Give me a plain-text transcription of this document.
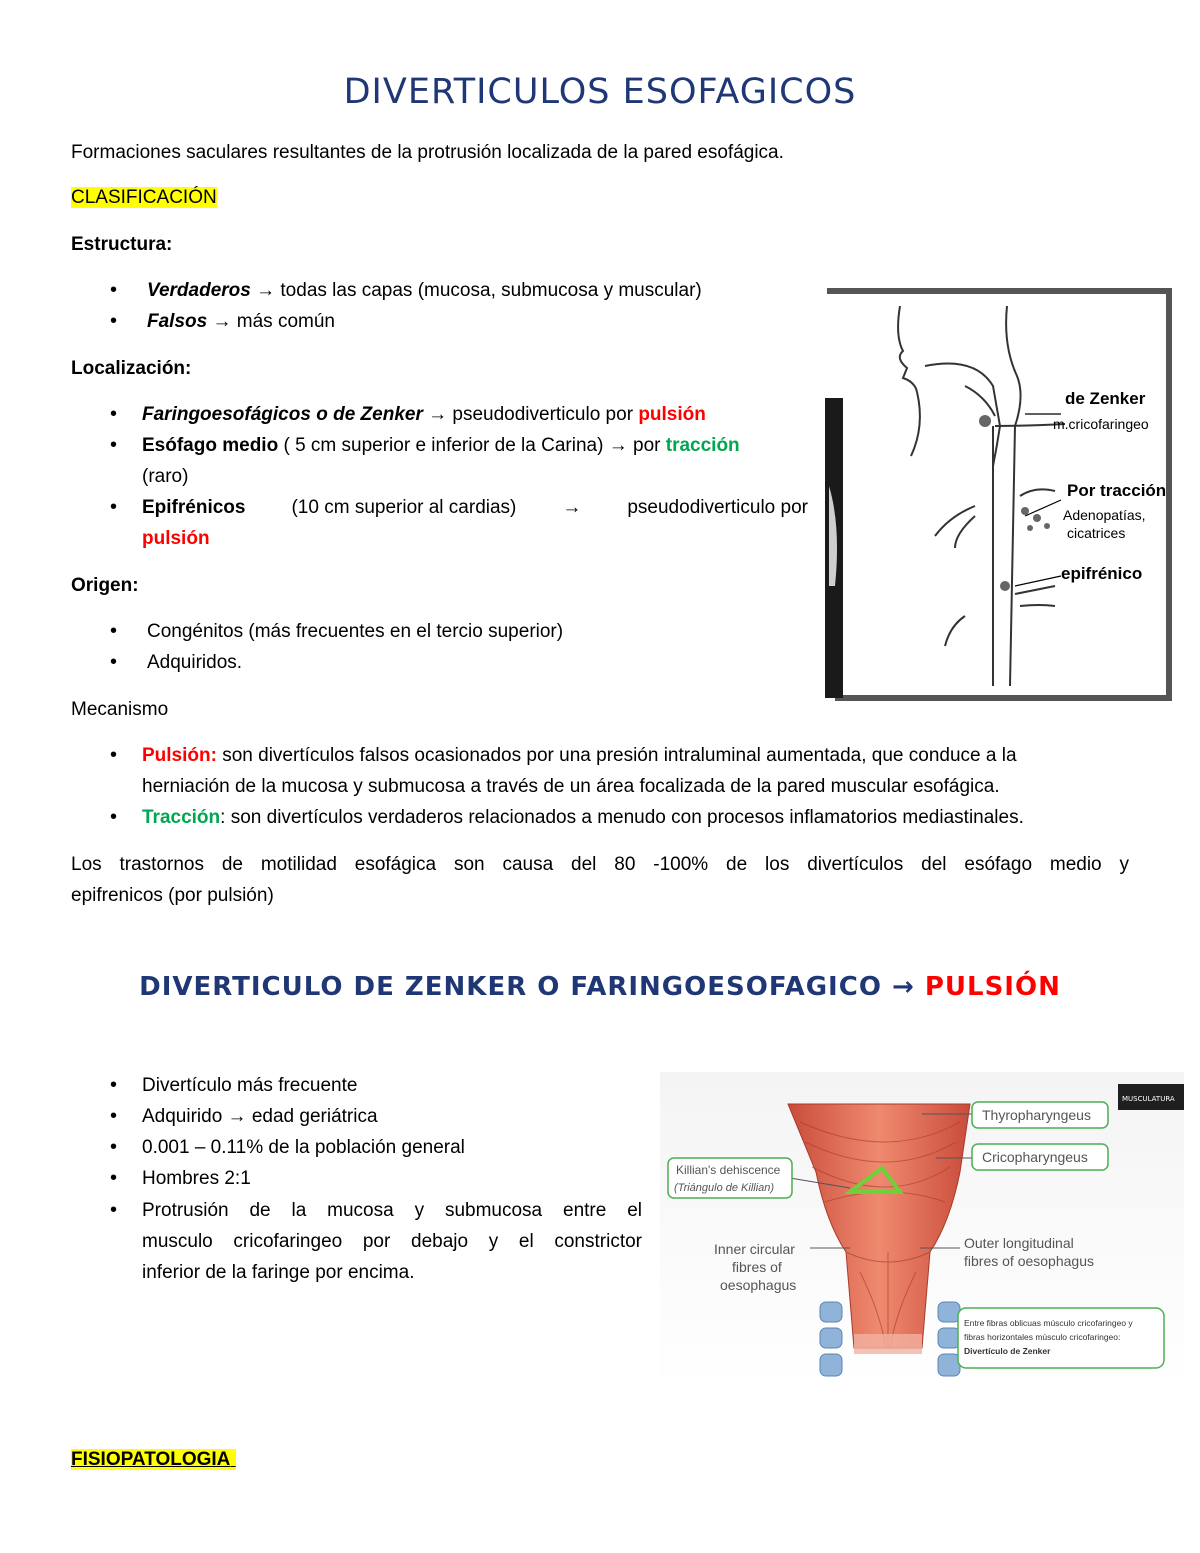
DIVERTICULOS ESOFAGICOS
Formaciones saculares resultantes de la protrusión localizada de la pared esofágica.
CLASIFICACIÓN
Estructura:
• Verdaderos → todas las capas (mucosa, submucosa y muscular)
• Falsos → más común
Localización:
• Faringoesofágicos o de Zenker → pseudodiverticulo por pulsión
• Esófago medio ( 5 cm superior e inferior de la Carina) → por tracción
(raro)
• Epifrénicos (10 cm superior al cardias) → pseudodiverticulo por
pulsión
Origen:
• Congénitos (más frecuentes en el tercio superior)
• Adquiridos.
Mecanismo
• Pulsión: son divertículos falsos ocasionados por una presión intraluminal aumentada, que conduce a la
herniación de la mucosa y submucosa a través de un área focalizada de la pared muscular esofágica.
• Tracción: son divertículos verdaderos relacionados a menudo con procesos inflamatorios mediastinales.
Los trastornos de motilidad esofágica son causa del 80 -100% de los divertículos del esófago medio y
epifrenicos (por pulsión)
DIVERTICULO DE ZENKER O FARINGOESOFAGICO → PULSIÓN
• Divertículo más frecuente
• Adquirido → edad geriátrica
• 0.001 – 0.11% de la población general
• Hombres 2:1
• Protrusión de la mucosa y submucosa entre el
musculo cricofaringeo por debajo y el constrictor
inferior de la faringe por encima.
FISIOPATOLOGIA
de Zenker
m.cricofaringeo
Por tracción
Adenopatías,
cicatrices
epifrénico
MUSCULATURA
Thyropharyngeus
Cricopharyngeus
Killian's dehiscence
(Triángulo de Killian)
Inner circular
fibres of
oesophagus
Outer longitudinal
fibres of oesophagus
Entre fibras oblicuas músculo cricofaringeo y
fibras horizontales músculo cricofaringeo:
Divertículo de Zenker
